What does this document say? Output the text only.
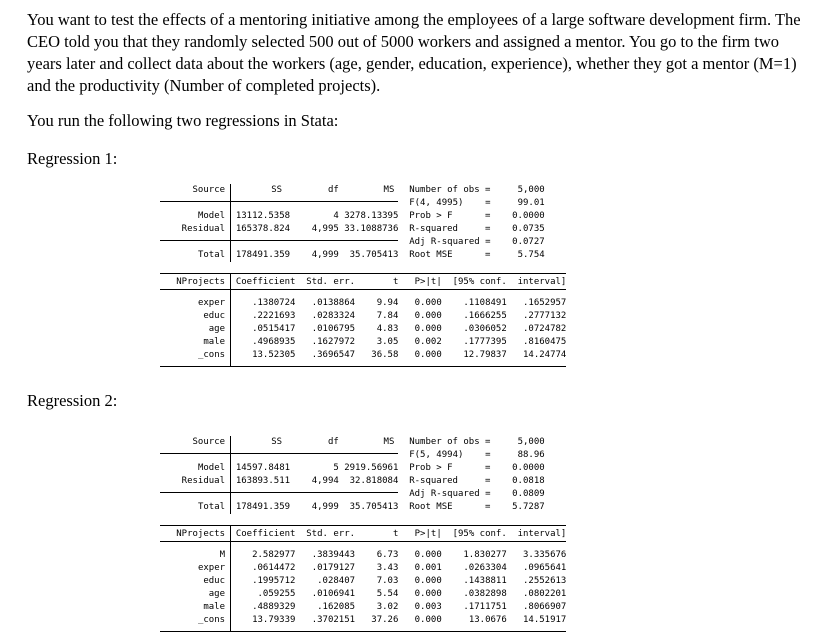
You want to test the effects of a mentoring initiative among the employees of a large software development firm. The CEO told you that they randomly selected 500 out of 5000 workers and assigned a mentor. You go to the firm two years later and collect data about the workers (age, gender, education, experience), whether they got a mentor (M=1) and the productivity (Number of completed projects).
You run the following two regressions in Stata:
Regression 1:
Source	SS	df	MS	Number of obs =	5,000
F(4, 4995)	=	99.01
Model	13112.5358	4 3278.13395	Prob > F	=	0.0000
Residual	165378.824	4,995 33.1088736	R-squared	=	0.0735
Adj R-squared =	0.0727
Total	178491.359	4,999	35.705413	Root MSE	=	5.754
NProjects	Coefficient	Std. err.	t	P>|t|	[95% conf.	interval]
exper	.1380724	.0138864	9.94	0.000	.1108491	.1652957
educ	.2221693	.0283324	7.84	0.000	.1666255	.2777132
age	.0515417	.0106795	4.83	0.000	.0306052	.0724782
male	.4968935	.1627972	3.05	0.002	.1777395	.8160475
_cons	13.52305	.3696547	36.58	0.000	12.79837	14.24774
Regression 2:
Source	SS	df	MS	Number of obs =	5,000
F(5, 4994)	=	88.96
Model	14597.8481	5 2919.56961	Prob > F	=	0.0000
Residual	163893.511	4,994	32.818084	R-squared	=	0.0818
Adj R-squared =	0.0809
Total	178491.359	4,999	35.705413	Root MSE	=	5.7287
NProjects	Coefficient	Std. err.	t	P>|t|	[95% conf.	interval]
M	2.582977	.3839443	6.73	0.000	1.830277	3.335676
exper	.0614472	.0179127	3.43	0.001	.0263304	.0965641
educ	.1995712	.028407	7.03	0.000	.1438811	.2552613
age	.059255	.0106941	5.54	0.000	.0382898	.0802201
male	.4889329	.162085	3.02	0.003	.1711751	.8066907
_cons	13.79339	.3702151	37.26	0.000	13.0676	14.51917
